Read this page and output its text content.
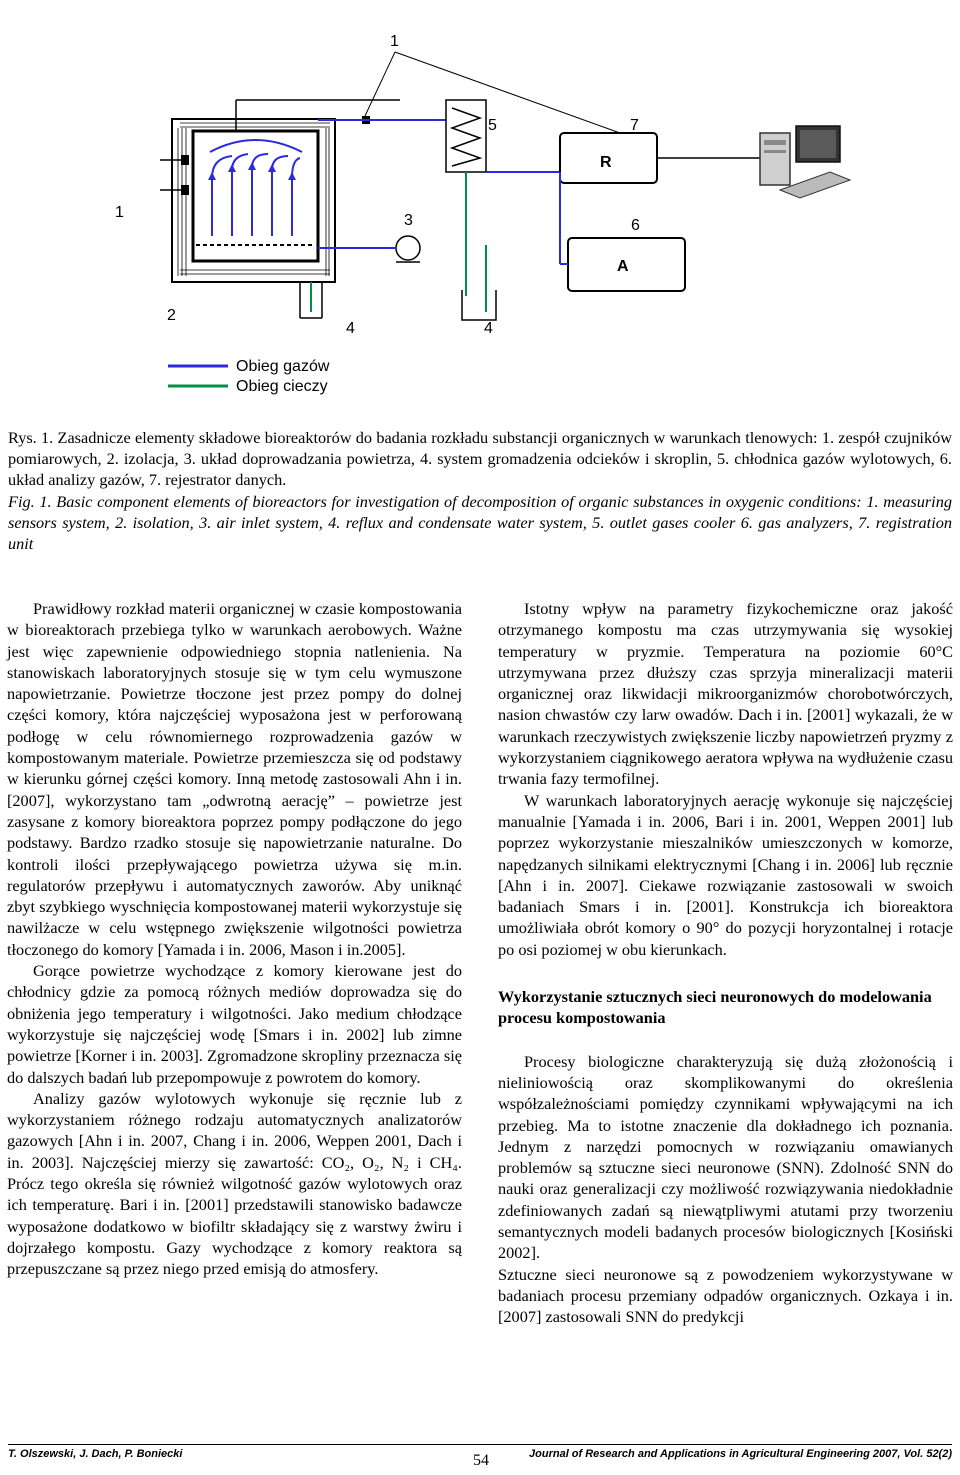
1
5	7
R
1	3	6
A
2
4	4
Obieg gazów
Obieg cieczy

Rys. 1. Zasadnicze elementy składowe bioreaktorów do badania rozkładu substancji organicznych w warunkach tlenowych: 1. zespół czujników pomiarowych, 2. izolacja, 3. układ doprowadzania powietrza, 4. system gromadzenia odcieków i skroplin, 5. chłodnica gazów wylotowych, 6. układ analizy gazów, 7. rejestrator danych.

Fig. 1. Basic component elements of bioreactors for investigation of decomposition of organic substances in oxygenic conditions: 1. measuring sensors system, 2. isolation, 3. air inlet system, 4. reflux and condensate water system, 5. outlet gases cooler 6. gas analyzers, 7. registration unit

Prawidłowy rozkład materii organicznej w czasie kompostowania w bioreaktorach przebiega tylko w warunkach aerobowych. Ważne jest więc zapewnienie odpowiedniego stopnia natlenienia. Na stanowiskach laboratoryjnych stosuje się w tym celu wymuszone napowietrzanie. Powietrze tłoczone jest przez pompy do dolnej części komory, która najczęściej wyposażona jest w perforowaną podłogę w celu równomiernego rozprowadzenia gazów w kompostowanym materiale. Powietrze przemieszcza się od podstawy w kierunku górnej części komory. Inną metodę zastosowali Ahn i in. [2007], wykorzystano tam „odwrotną aerację” – powietrze jest zasysane z komory bioreaktora poprzez pompy podłączone do jego podstawy. Bardzo rzadko stosuje się napowietrzanie naturalne. Do kontroli ilości przepływającego powietrza używa się m.in. regulatorów przepływu i automatycznych zaworów. Aby uniknąć zbyt szybkiego wyschnięcia kompostowanej materii wykorzystuje się nawilżacze w celu wstępnego zwiększenie wilgotności powietrza tłoczonego do komory [Yamada i in. 2006, Mason i in.2005].

Gorące powietrze wychodzące z komory kierowane jest do chłodnicy gdzie za pomocą różnych mediów doprowadza się do obniżenia jego temperatury i wilgotności. Jako medium chłodzące wykorzystuje się najczęściej wodę [Smars i in. 2002] lub zimne powietrze [Korner i in. 2003]. Zgromadzone skropliny przeznacza się do dalszych badań lub przepompowuje z powrotem do komory.

Analizy gazów wylotowych wykonuje się ręcznie lub z wykorzystaniem różnego rodzaju automatycznych analizatorów gazowych [Ahn i in. 2007, Chang i in. 2006, Weppen 2001, Dach i in. 2003]. Najczęściej mierzy się zawartość: CO₂, O₂, N₂ i CH₄. Prócz tego określa się również wilgotność gazów wylotowych oraz ich temperaturę. Bari i in. [2001] przedstawili stanowisko badawcze wyposażone dodatkowo w biofiltr składający się z warstwy żwiru i dojrzałego kompostu. Gazy wychodzące z komory reaktora są przepuszczane są przez niego przed emisją do atmosfery.

Istotny wpływ na parametry fizykochemiczne oraz jakość otrzymanego kompostu ma czas utrzymywania się wysokiej temperatury w pryzmie. Temperatura na poziomie 60°C utrzymywana przez dłuższy czas sprzyja mineralizacji materii organicznej oraz likwidacji mikroorganizmów chorobotwórczych, nasion chwastów czy larw owadów. Dach i in. [2001] wykazali, że w warunkach rzeczywistych zwiększenie liczby napowietrzeń pryzmy z wykorzystaniem ciągnikowego aeratora wpływa na wydłużenie czasu trwania fazy termofilnej.

W warunkach laboratoryjnych aerację wykonuje się najczęściej manualnie [Yamada i in. 2006, Bari i in. 2001, Weppen 2001] lub poprzez wykorzystanie mieszalników umieszczonych w komorze, napędzanych silnikami elektrycznymi [Chang i in. 2006] lub ręcznie [Ahn i in. 2007]. Ciekawe rozwiązanie zastosowali w swoich badaniach Smars i in. [2001]. Konstrukcja ich bioreaktora umożliwiała obrót komory o 90° do pozycji horyzontalnej i rotacje po osi poziomej w obu kierunkach.

Wykorzystanie sztucznych sieci neuronowych do modelowania procesu kompostowania

Procesy biologiczne charakteryzują się dużą złożonością i nieliniowością oraz skomplikowanymi do określenia współzależnościami pomiędzy czynnikami wpływającymi na ich przebieg. Ma to istotne znaczenie dla dokładnego ich poznania. Jednym z narzędzi pomocnych w rozwiązaniu omawianych problemów są sztuczne sieci neuronowe (SNN). Zdolność SNN do nauki oraz generalizacji czy możliwość rozwiązywania niedokładnie zdefiniowanych zadań są niewątpliwymi atutami przy tworzeniu semantycznych modeli badanych procesów biologicznych [Kosiński 2002].

Sztuczne sieci neuronowe są z powodzeniem wykorzystywane w badaniach procesu przemiany odpadów organicznych. Ozkaya i in. [2007] zastosowali SNN do predykcji

T. Olszewski, J. Dach, P. Boniecki	54	Journal of Research and Applications in Agricultural Engineering 2007, Vol. 52(2)
